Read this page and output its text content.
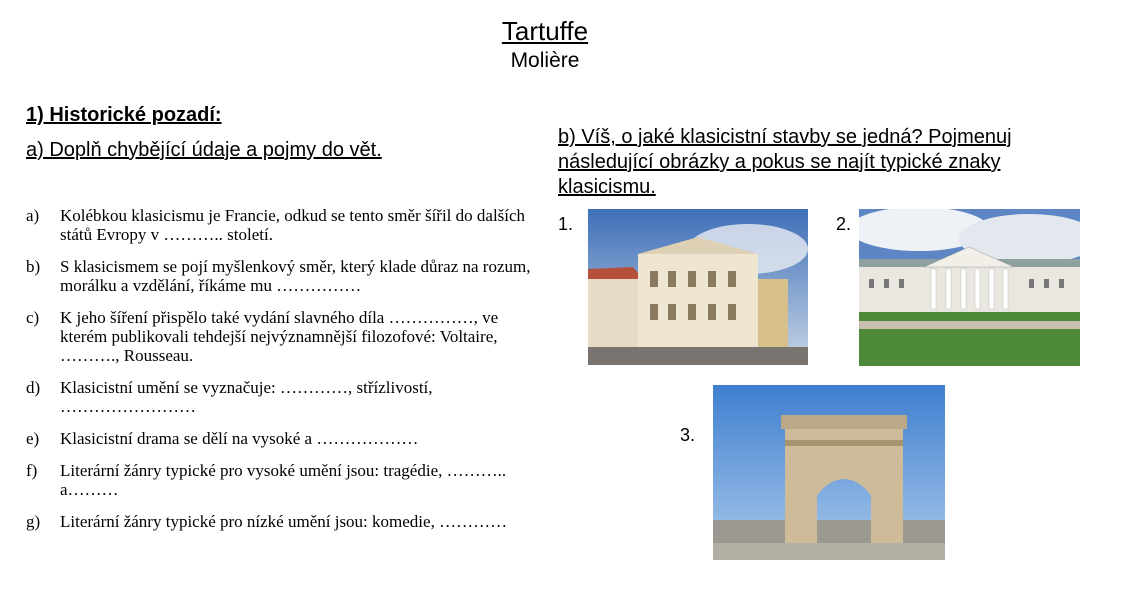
Tartuffe
Molière
1) Historické pozadí:
a) Doplň chybějící údaje a pojmy do vět.
a)	Kolébkou klasicismu je Francie, odkud se tento směr šířil do dalších států Evropy v ……….. století.
b)	S klasicismem se pojí myšlenkový směr, který klade důraz na rozum, morálku a vzdělání, říkáme mu ……………
c)	K jeho šíření přispělo také vydání slavného díla ……………, ve kterém publikovali tehdejší nejvýznamnější filozofové: Voltaire, ………., Rousseau.
d)	Klasicistní umění se vyznačuje: …………, střízlivostí, ……………………
e)	Klasicistní drama se dělí na vysoké a ………………
f)	Literární žánry typické pro vysoké umění jsou: tragédie, ……….. a………
g)	Literární žánry typické pro nízké umění jsou: komedie, …………
b) Víš, o jaké klasicistní stavby se jedná? Pojmenuj následující obrázky a pokus se najít typické znaky klasicismu.
1.	2.
3.
